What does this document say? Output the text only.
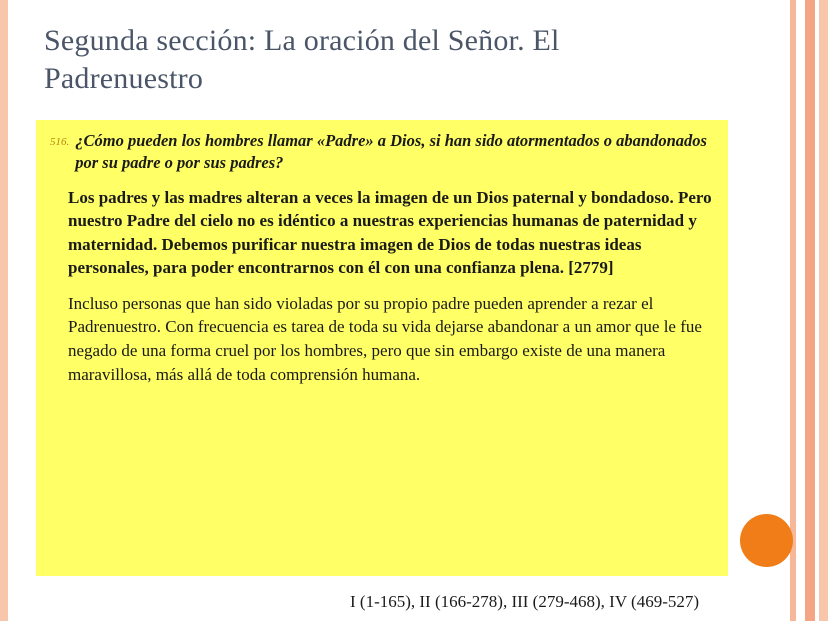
Segunda sección: La oración del Señor. El Padrenuestro
516. ¿Cómo pueden los hombres llamar «Padre» a Dios, si han sido atormentados o abandonados por su padre o por sus padres?

Los padres y las madres alteran a veces la imagen de un Dios paternal y bondadoso. Pero nuestro Padre del cielo no es idéntico a nuestras experiencias humanas de paternidad y maternidad. Debemos purificar nuestra imagen de Dios de todas nuestras ideas personales, para poder encontrarnos con él con una confianza plena. [2779]

Incluso personas que han sido violadas por su propio padre pueden aprender a rezar el Padrenuestro. Con frecuencia es tarea de toda su vida dejarse abandonar a un amor que le fue negado de una forma cruel por los hombres, pero que sin embargo existe de una manera maravillosa, más allá de toda comprensión humana.

I (1-165), II (166-278), III (279-468), IV (469-527)
